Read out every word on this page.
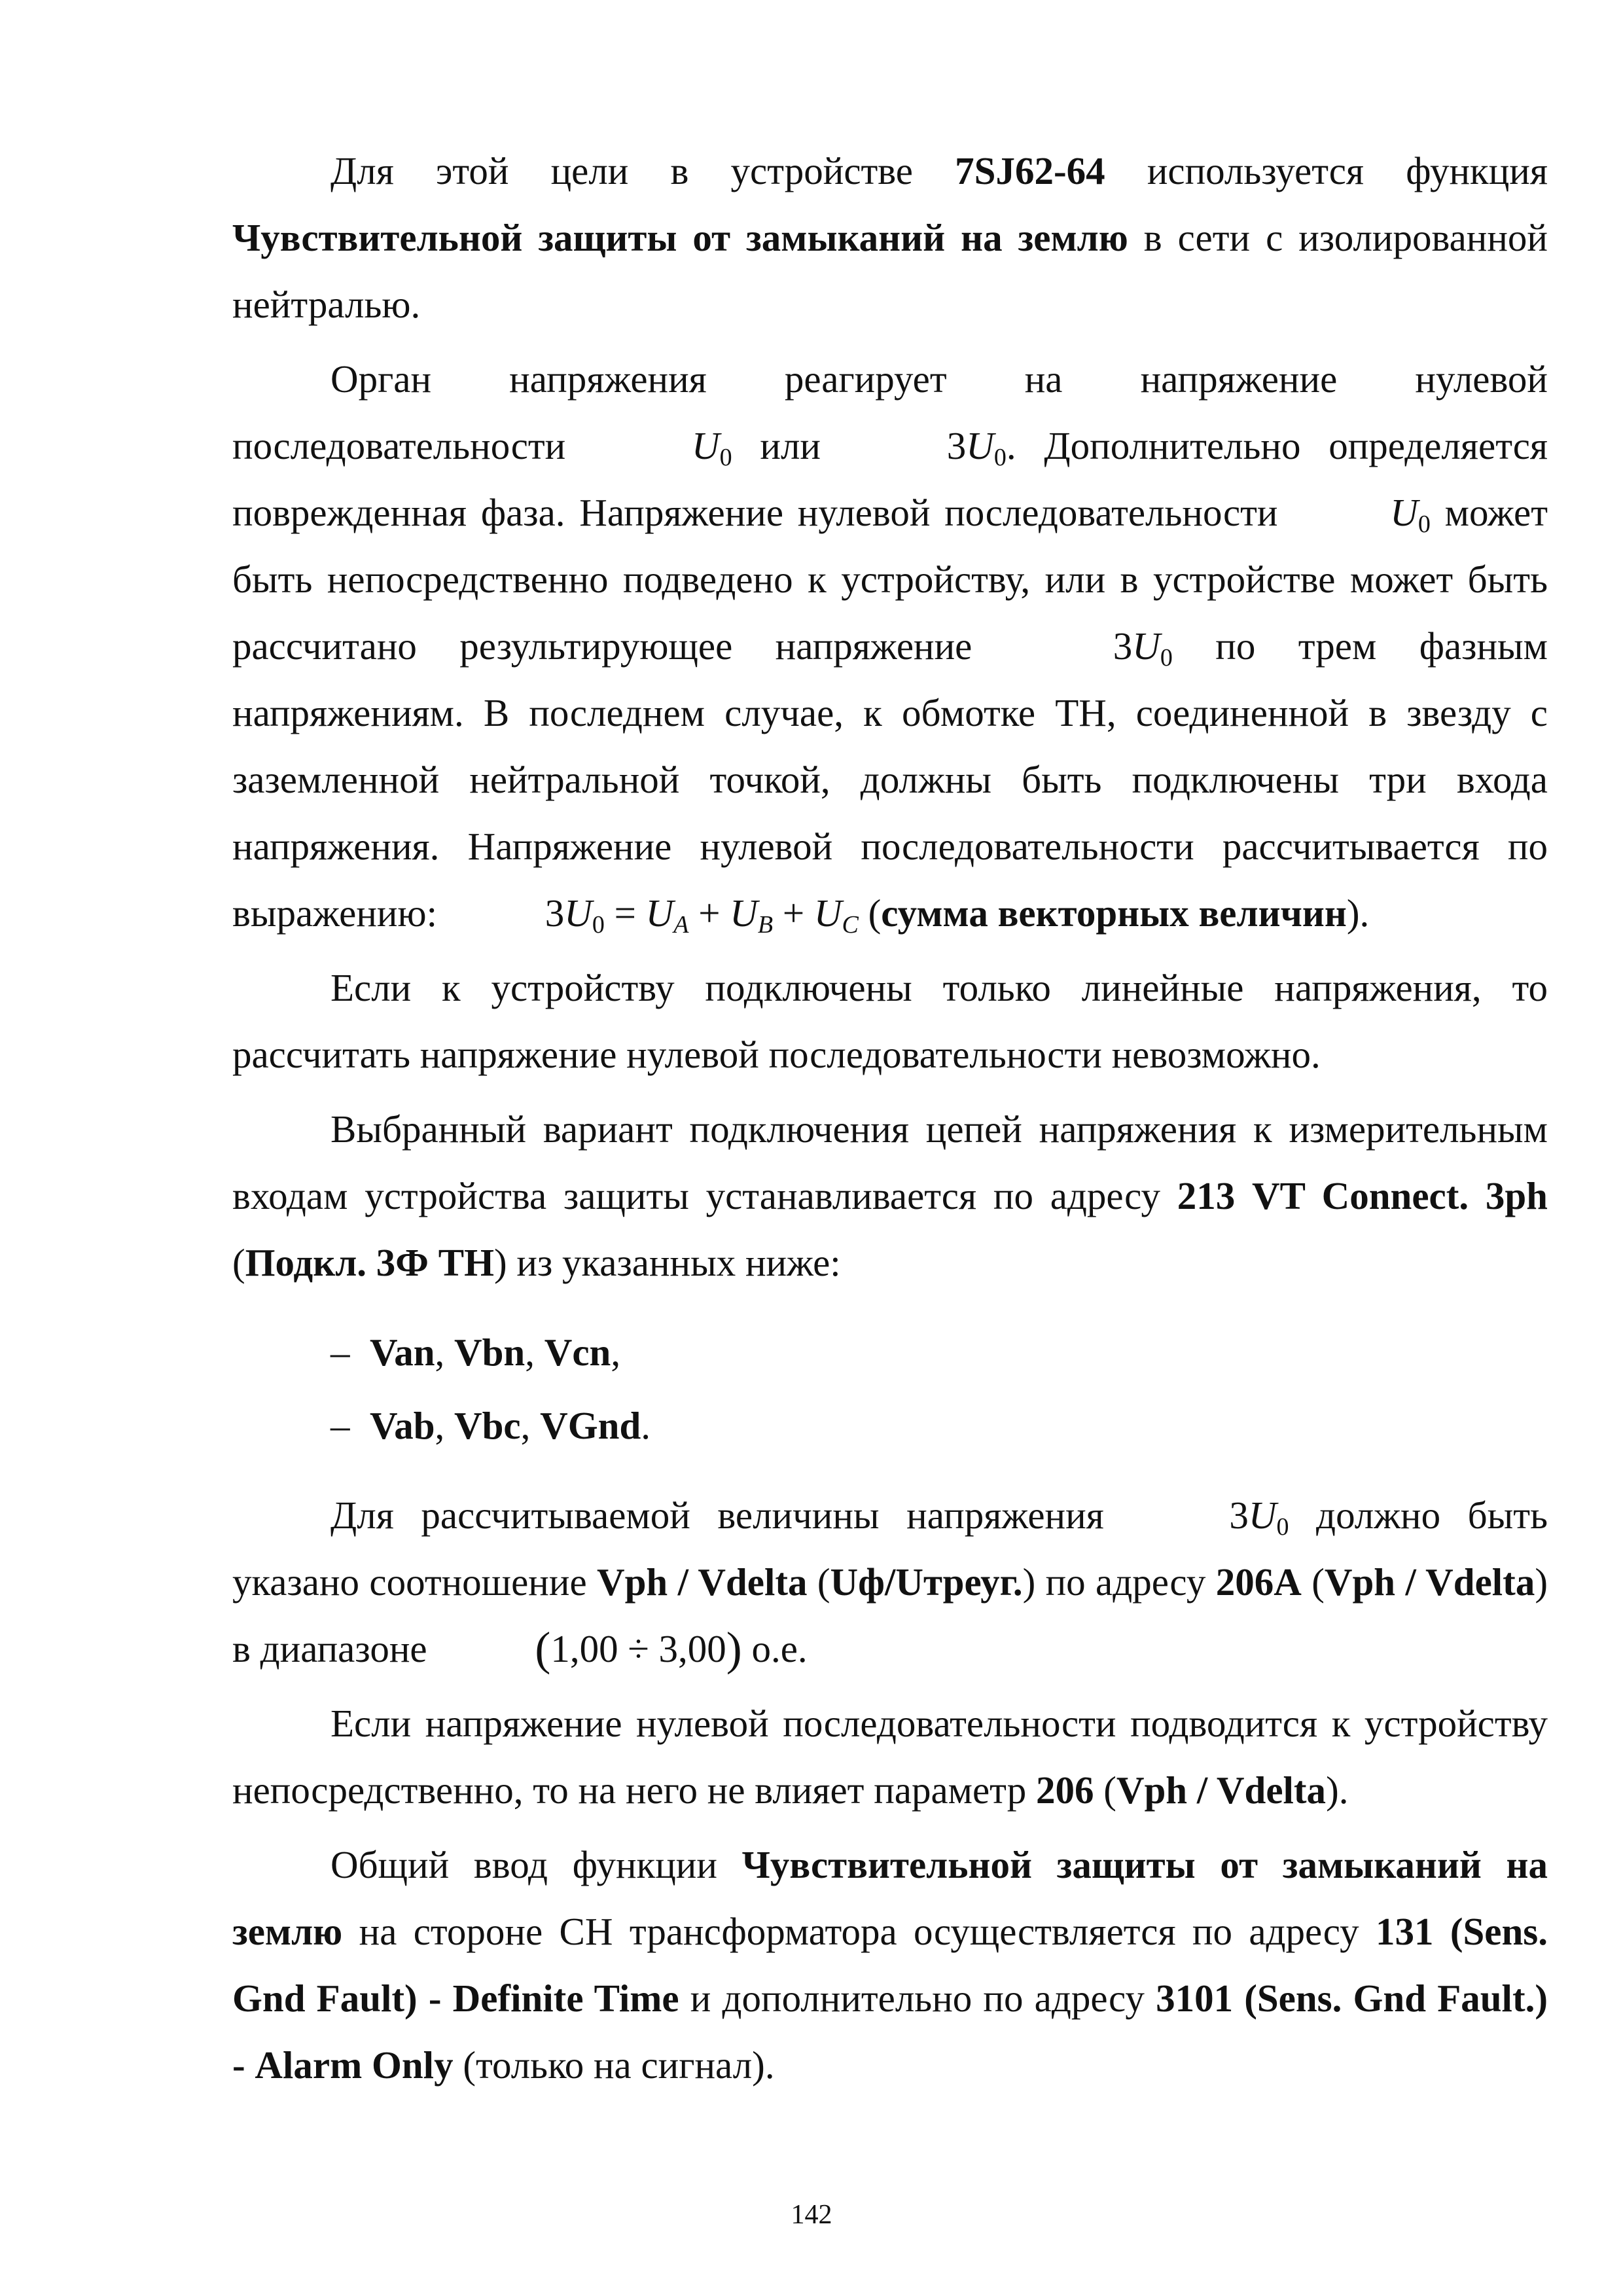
Для этой цели в устройстве 7SJ62-64 используется функция Чувствительной защиты от замыканий на землю в сети с изолированной нейтралью.

Орган напряжения реагирует на напряжение нулевой последовательности	$U_0$ или	$3U_0$. Дополнительно определяется поврежденная фаза. Напряжение нулевой последовательности	$U_0$ может быть непосредственно подведено к устройству, или в устройстве может быть рассчитано результирующее напряжение	$3U_0$ по трем фазным напряжениям. В последнем случае, к обмотке ТН, соединенной в звезду с заземленной нейтральной точкой, должны быть подключены три входа напряжения. Напряжение нулевой последовательности рассчитывается по выражению:	$3U_0 = U_A + U_B + U_C$ (сумма векторных величин).

Если к устройству подключены только линейные напряжения, то рассчитать напряжение нулевой последовательности невозможно.

Выбранный вариант подключения цепей напряжения к измерительным входам устройства защиты устанавливается по адресу 213 VT Connect. 3ph (Подкл. 3Ф ТН) из указанных ниже:

– Van, Vbn, Vcn,
– Vab, Vbc, VGnd.

Для рассчитываемой величины напряжения	$3U_0$ должно быть указано соотношение Vph / Vdelta (Uф/Uтреуг.) по адресу 206A (Vph / Vdelta) в диапазоне (1,00 ÷ 3,00) о.е.

Если напряжение нулевой последовательности подводится к устройству непосредственно, то на него не влияет параметр 206 (Vph / Vdelta).

Общий ввод функции Чувствительной защиты от замыканий на землю на стороне СН трансформатора осуществляется по адресу 131 (Sens. Gnd Fault) - Definite Time и дополнительно по адресу 3101 (Sens. Gnd Fault.) - Alarm Only (только на сигнал).

142
